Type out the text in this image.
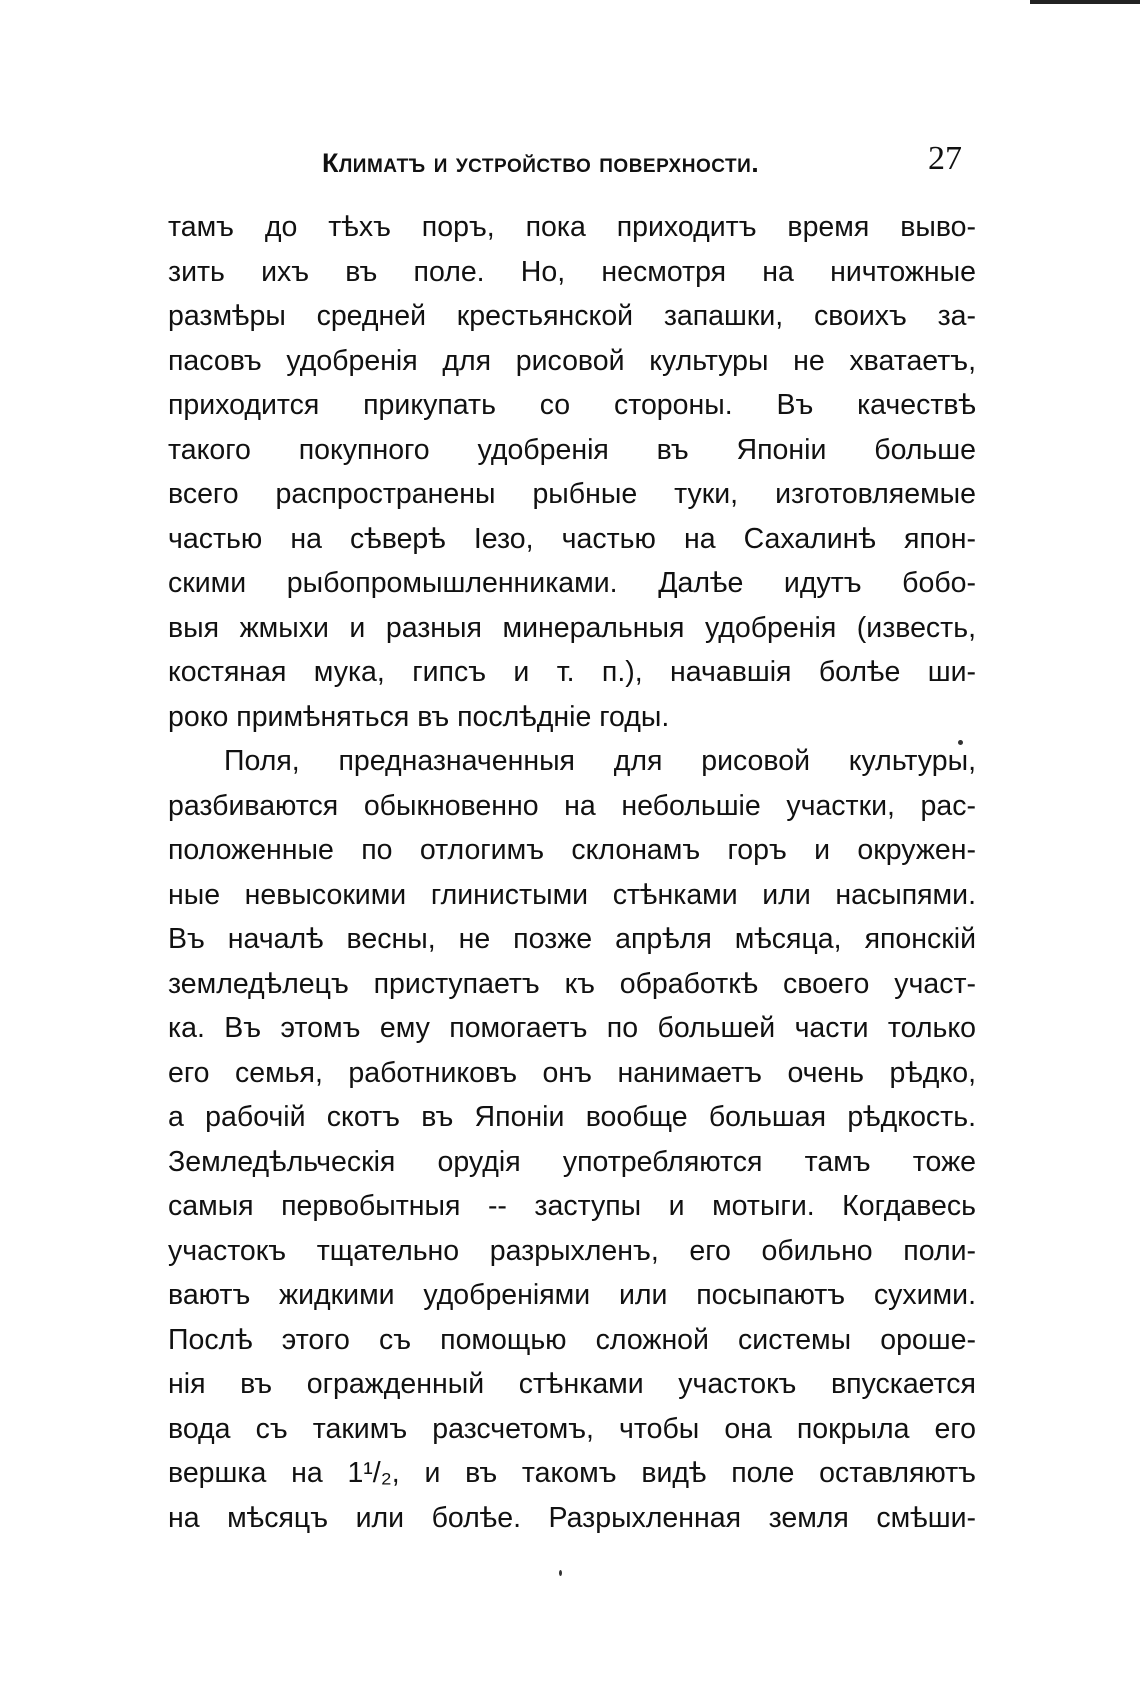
Климатъ и устройство поверхности.	27
тамъ до тѣхъ поръ, пока приходитъ время выво-
зить ихъ въ поле. Но, несмотря на ничтожные
размѣры средней крестьянской запашки, своихъ за-
пасовъ удобренія для рисовой культуры не хватаетъ,
приходится прикупать со стороны. Въ качествѣ
такого покупного удобренія въ Японіи больше
всего распространены рыбные туки, изготовляемые
частью на сѣверѣ Іезо, частью на Сахалинѣ япон-
скими рыбопромышленниками. Далѣе идутъ бобо-
выя жмыхи и разныя минеральныя удобренія (известь,
костяная мука, гипсъ и т. п.), начавшія болѣе ши-
роко примѣняться въ послѣдніе годы.
Поля, предназначенныя для рисовой культуры,
разбиваются обыкновенно на небольшіе участки, рас-
положенные по отлогимъ склонамъ горъ и окружен-
ные невысокими глинистыми стѣнками или насыпями.
Въ началѣ весны, не позже апрѣля мѣсяца, японскій
земледѣлецъ приступаетъ къ обработкѣ своего участ-
ка. Въ этомъ ему помогаетъ по большей части только
его семья, работниковъ онъ нанимаетъ очень рѣдко,
а рабочій скотъ въ Японіи вообще большая рѣдкость.
Земледѣльческія орудія употребляются тамъ тоже
самыя первобытныя -- заступы и мотыги. Когдавесь
участокъ тщательно разрыхленъ, его обильно поли-
ваютъ жидкими удобреніями или посыпаютъ сухими.
Послѣ этого съ помощью сложной системы ороше-
нія въ огражденный стѣнками участокъ впускается
вода съ такимъ разсчетомъ, чтобы она покрыла его
вершка на 1¹/₂, и въ такомъ видѣ поле оставляютъ
на мѣсяцъ или болѣе. Разрыхленная земля смѣши-
